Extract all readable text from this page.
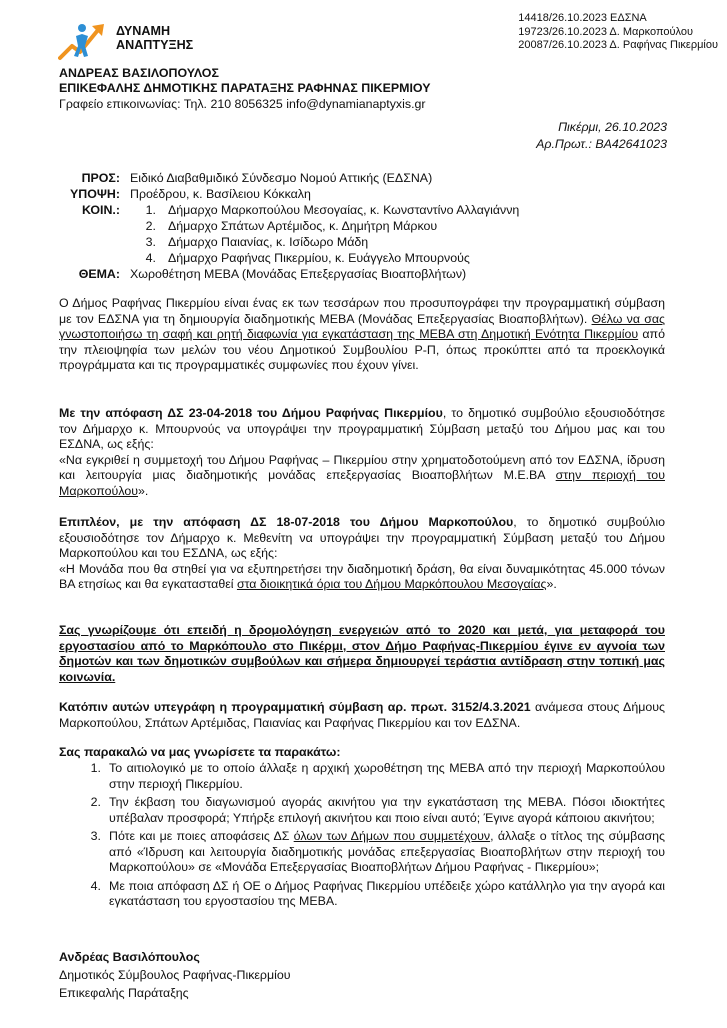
ΔΥΝΑΜΗ
ΑΝΑΠΤΥΞΗΣ
14418/26.10.2023 ΕΔΣΝΑ
19723/26.10.2023 Δ. Μαρκοπούλου
20087/26.10.2023 Δ. Ραφήνας Πικερμίου
ΑΝΔΡΕΑΣ ΒΑΣΙΛΟΠΟΥΛΟΣ
ΕΠΙΚΕΦΑΛΗΣ ΔΗΜΟΤΙΚΗΣ ΠΑΡΑΤΑΞΗΣ ΡΑΦΗΝΑΣ ΠΙΚΕΡΜΙΟΥ
Γραφείο επικοινωνίας: Τηλ. 210 8056325 info@dynamianaptyxis.gr
Πικέρμι, 26.10.2023
Αρ.Πρωτ.: ΒΑ42641023
ΠΡΟΣ: Ειδικό Διαβαθμιδικό Σύνδεσμο Νομού Αττικής (ΕΔΣΝΑ)
ΥΠΟΨΗ: Προέδρου, κ. Βασίλειου Κόκκαλη
ΚΟΙΝ.:	1. Δήμαρχο Μαρκοπούλου Μεσογαίας, κ. Κωνσταντίνο Αλλαγιάννη
2. Δήμαρχο Σπάτων Αρτέμιδος, κ. Δημήτρη Μάρκου
3. Δήμαρχο Παιανίας, κ. Ισίδωρο Μάδη
4. Δήμαρχο Ραφήνας Πικερμίου, κ. Ευάγγελο Μπουρνούς
ΘΕΜΑ: Χωροθέτηση ΜΕΒΑ (Μονάδας Επεξεργασίας Βιοαποβλήτων)
Ο Δήμος Ραφήνας Πικερμίου είναι ένας εκ των τεσσάρων που προσυπογράφει την προγραμματική σύμβαση με τον ΕΔΣΝΑ για τη δημιουργία διαδημοτικής ΜΕΒΑ (Μονάδας Επεξεργασίας Βιοαποβλήτων). Θέλω να σας γνωστοποιήσω τη σαφή και ρητή διαφωνία για εγκατάσταση της ΜΕΒΑ στη Δημοτική Ενότητα Πικερμίου από την πλειοψηφία των μελών του νέου Δημοτικού Συμβουλίου Ρ-Π, όπως προκύπτει από τα προεκλογικά προγράμματα και τις προγραμματικές συμφωνίες που έχουν γίνει.
Με την απόφαση ΔΣ 23-04-2018 του Δήμου Ραφήνας Πικερμίου, το δημοτικό συμβούλιο εξουσιοδότησε τον Δήμαρχο κ. Μπουρνούς να υπογράψει την προγραμματική Σύμβαση μεταξύ του Δήμου μας και του ΕΣΔΝΑ, ως εξής:
«Να εγκριθεί η συμμετοχή του Δήμου Ραφήνας – Πικερμίου στην χρηματοδοτούμενη από τον ΕΔΣΝΑ, ίδρυση και λειτουργία μιας διαδημοτικής μονάδας επεξεργασίας Βιοαποβλήτων Μ.Ε.ΒΑ στην περιοχή του Μαρκοπούλου».
Επιπλέον, με την απόφαση ΔΣ 18-07-2018 του Δήμου Μαρκοπούλου, το δημοτικό συμβούλιο εξουσιοδότησε τον Δήμαρχο κ. Μεθενίτη να υπογράψει την προγραμματική Σύμβαση μεταξύ του Δήμου Μαρκοπούλου και του ΕΣΔΝΑ, ως εξής:
«Η Μονάδα που θα στηθεί για να εξυπηρετήσει την διαδημοτική δράση, θα είναι δυναμικότητας 45.000 τόνων ΒΑ ετησίως και θα εγκατασταθεί στα διοικητικά όρια του Δήμου Μαρκόπουλου Μεσογαίας».
Σας γνωρίζουμε ότι επειδή η δρομολόγηση ενεργειών από το 2020 και μετά, για μεταφορά του εργοστασίου από το Μαρκόπουλο στο Πικέρμι, στον Δήμο Ραφήνας-Πικερμίου έγινε εν αγνοία των δημοτών και των δημοτικών συμβούλων και σήμερα δημιουργεί τεράστια αντίδραση στην τοπική μας κοινωνία.
Κατόπιν αυτών υπεγράφη η προγραμματική σύμβαση αρ. πρωτ. 3152/4.3.2021 ανάμεσα στους Δήμους Μαρκοπούλου, Σπάτων Αρτέμιδας, Παιανίας και Ραφήνας Πικερμίου και τον ΕΔΣΝΑ.
Σας παρακαλώ να μας γνωρίσετε τα παρακάτω:
1. Το αιτιολογικό με το οποίο άλλαξε η αρχική χωροθέτηση της ΜΕΒΑ από την περιοχή Μαρκοπούλου στην περιοχή Πικερμίου.
2. Την έκβαση του διαγωνισμού αγοράς ακινήτου για την εγκατάσταση της ΜΕΒΑ. Πόσοι ιδιοκτήτες υπέβαλαν προσφορά; Υπήρξε επιλογή ακινήτου και ποιο είναι αυτό; Έγινε αγορά κάποιου ακινήτου;
3. Πότε και με ποιες αποφάσεις ΔΣ όλων των Δήμων που συμμετέχουν, άλλαξε ο τίτλος της σύμβασης από «Ίδρυση και λειτουργία διαδημοτικής μονάδας επεξεργασίας Βιοαποβλήτων στην περιοχή του Μαρκοπούλου» σε «Μονάδα Επεξεργασίας Βιοαποβλήτων Δήμου Ραφήνας - Πικερμίου»;
4. Με ποια απόφαση ΔΣ ή ΟΕ ο Δήμος Ραφήνας Πικερμίου υπέδειξε χώρο κατάλληλο για την αγορά και εγκατάσταση του εργοστασίου της ΜΕΒΑ.
Ανδρέας Βασιλόπουλος
Δημοτικός Σύμβουλος Ραφήνας-Πικερμίου
Επικεφαλής Παράταξης
